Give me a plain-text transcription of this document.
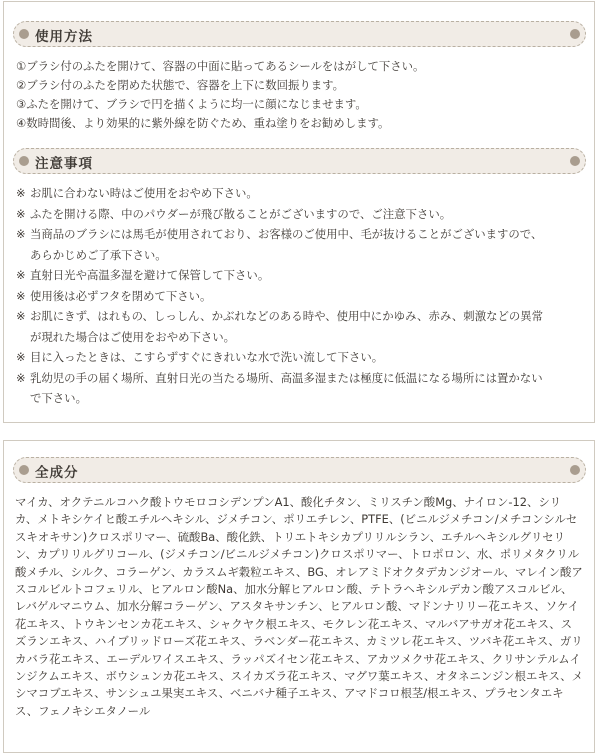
使用方法
①ブラシ付のふたを開けて、容器の中面に貼ってあるシールをはがして下さい。
②ブラシ付のふたを閉めた状態で、容器を上下に数回振ります。
③ふたを開けて、ブラシで円を描くように均一に顔になじませます。
④数時間後、より効果的に紫外線を防ぐため、重ね塗りをお勧めします。
注意事項
※ お肌に合わない時はご使用をおやめ下さい。
※ ふたを開ける際、中のパウダーが飛び散ることがございますので、ご注意下さい。
※ 当商品のブラシには馬毛が使用されており、お客様のご使用中、毛が抜けることがございますので、
あらかじめご了承下さい。
※ 直射日光や高温多湿を避けて保管して下さい。
※ 使用後は必ずフタを閉めて下さい。
※ お肌にきず、はれもの、しっしん、かぶれなどのある時や、使用中にかゆみ、赤み、刺激などの異常
が現れた場合はご使用をおやめ下さい。
※ 目に入ったときは、こすらずすぐにきれいな水で洗い流して下さい。
※ 乳幼児の手の届く場所、直射日光の当たる場所、高温多湿または極度に低温になる場所には置かない
で下さい。
全成分
マイカ、オクテニルコハク酸トウモロコシデンプンA1、酸化チタン、ミリスチン酸Mg、ナイロン-12、シリカ、メトキシケイヒ酸エチルヘキシル、ジメチコン、ポリエチレン、PTFE、(ビニルジメチコン/メチコンシルセスキオキサン)クロスポリマー、硫酸Ba、酸化鉄、トリエトキシカプリリルシラン、エチルヘキシルグリセリン、カプリリルグリコール、(ジメチコン/ビニルジメチコン)クロスポリマー、トロポロン、水、ポリメタクリル酸メチル、シルク、コラーゲン、カラスムギ穀粒エキス、BG、オレアミドオクタデカンジオール、マレイン酸アスコルビルトコフェリル、ヒアルロン酸Na、加水分解ヒアルロン酸、テトラヘキシルデカン酸アスコルビル、レバゲルマニウム、加水分解コラーゲン、アスタキサンチン、ヒアルロン酸、マドンナリリー花エキス、ソケイ花エキス、トウキンセンカ花エキス、シャクヤク根エキス、モクレン花エキス、マルバアサガオ花エキス、スズランエキス、ハイブリッドローズ花エキス、ラベンダー花エキス、カミツレ花エキス、ツバキ花エキス、ガリカバラ花エキス、エーデルワイスエキス、ラッパズイセン花エキス、アカツメクサ花エキス、クリサンテルムインジクムエキス、ボウシュンカ花エキス、スイカズラ花エキス、マグワ葉エキス、オタネニンジン根エキス、メシマコブエキス、サンシュユ果実エキス、ベニバナ種子エキス、アマドコロ根茎/根エキス、プラセンタエキス、フェノキシエタノール
